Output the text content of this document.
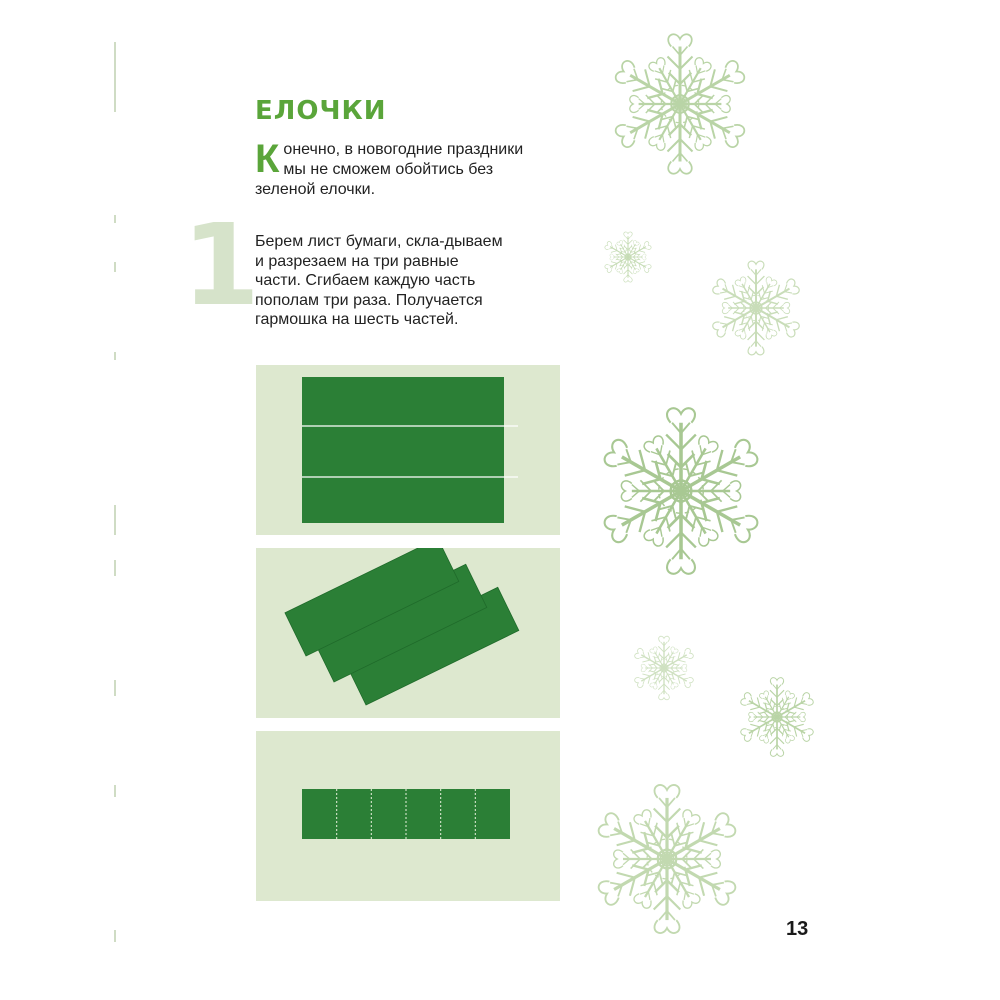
ЕЛОЧКИ

Конечно, в новогодние праздники мы не сможем обойтись без зеленой елочки.

1

Берем лист бумаги, скла-дываем и разрезаем на три равные части. Сгибаем каждую часть пополам три раза. Получается гармошка на шесть частей.

13
